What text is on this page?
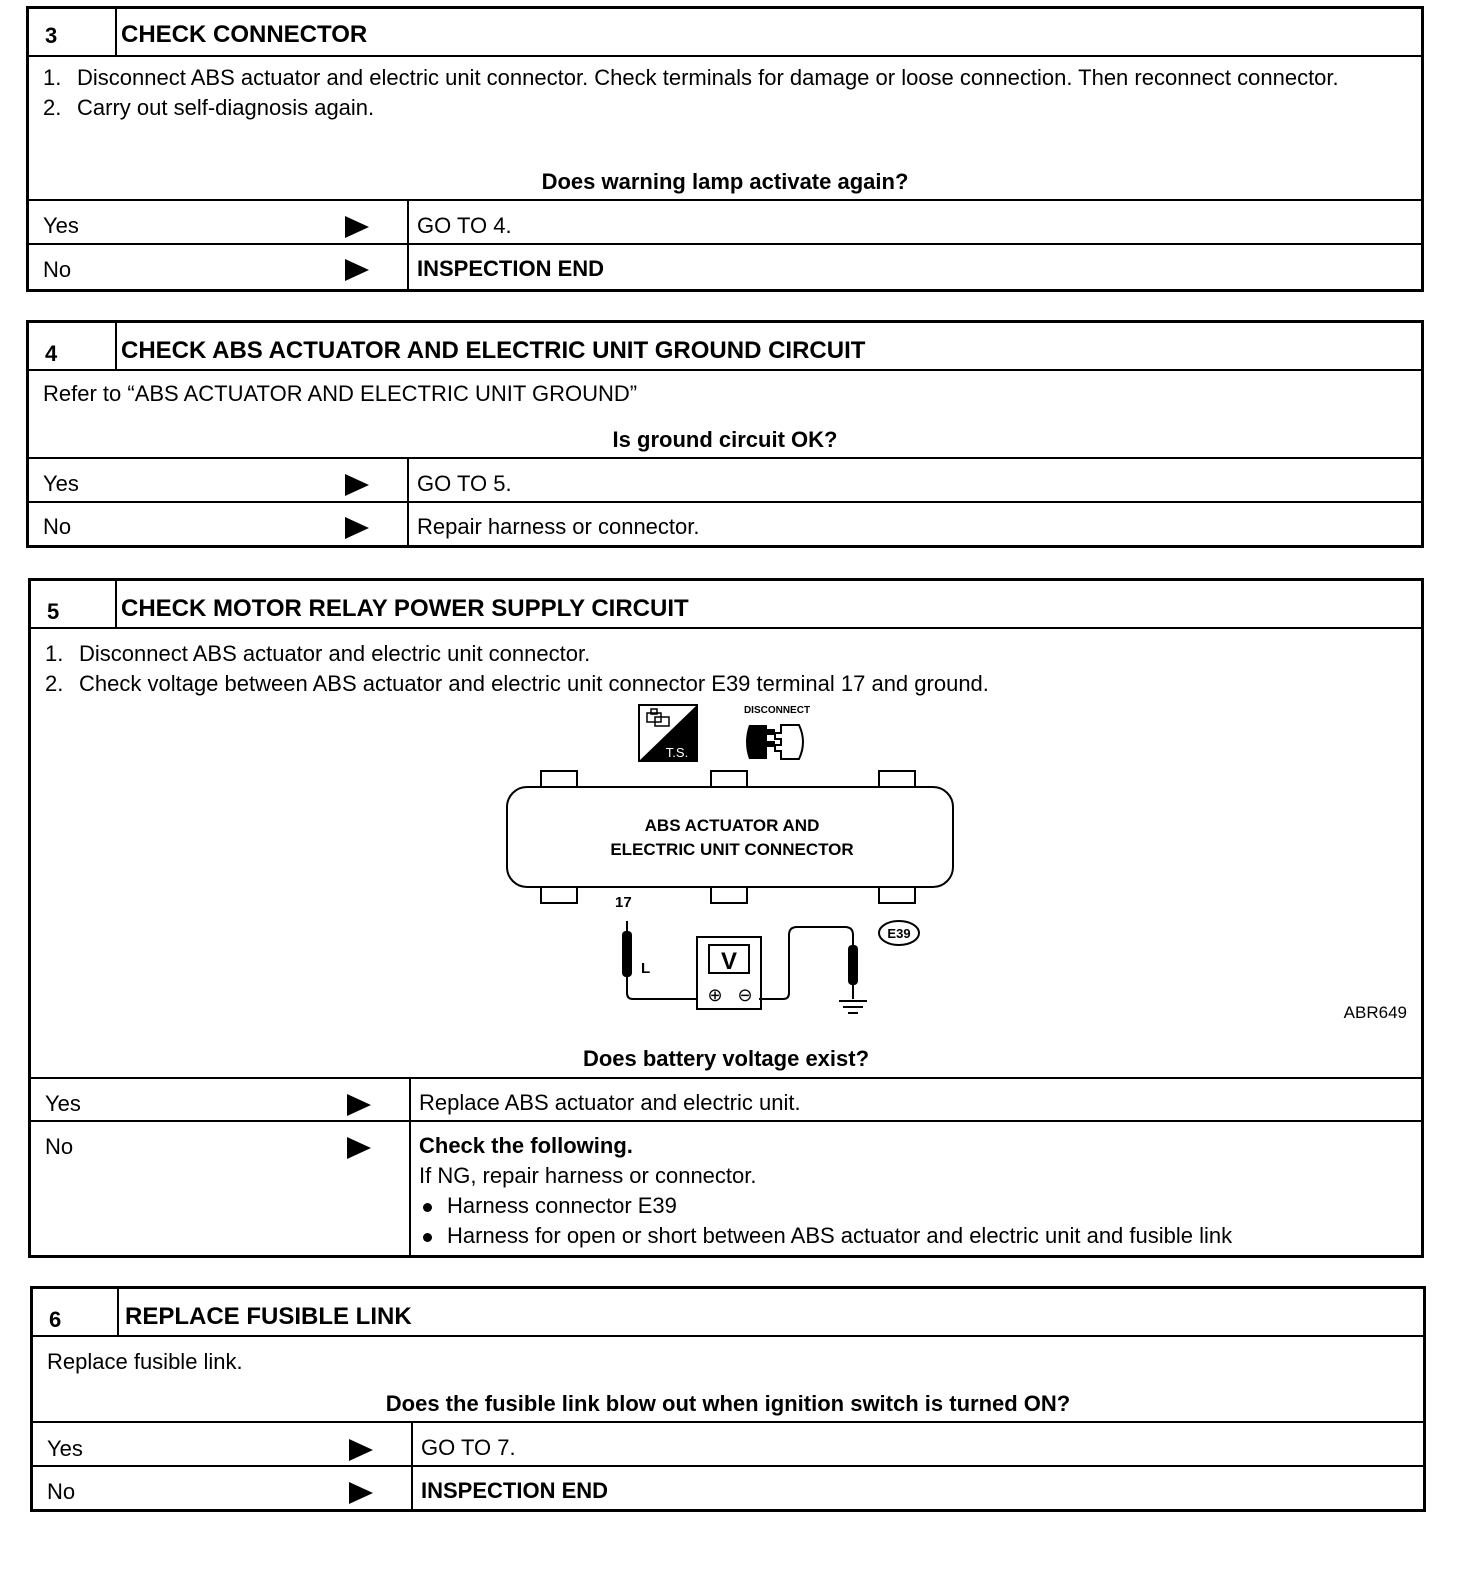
3	CHECK CONNECTOR
1. Disconnect ABS actuator and electric unit connector. Check terminals for damage or loose connection. Then reconnect connector.
2. Carry out self-diagnosis again.
Does warning lamp activate again?
Yes	GO TO 4.
No	INSPECTION END
4	CHECK ABS ACTUATOR AND ELECTRIC UNIT GROUND CIRCUIT
Refer to “ABS ACTUATOR AND ELECTRIC UNIT GROUND”
Is ground circuit OK?
Yes	GO TO 5.
No	Repair harness or connector.
5	CHECK MOTOR RELAY POWER SUPPLY CIRCUIT
1. Disconnect ABS actuator and electric unit connector.
2. Check voltage between ABS actuator and electric unit connector E39 terminal 17 and ground.
T.S.
DISCONNECT
ABS ACTUATOR AND
ELECTRIC UNIT CONNECTOR
17
E39
L	V
⊕ ⊖
ABR649
Does battery voltage exist?
Yes	Replace ABS actuator and electric unit.
No	Check the following.
If NG, repair harness or connector.
Harness connector E39
Harness for open or short between ABS actuator and electric unit and fusible link
6	REPLACE FUSIBLE LINK
Replace fusible link.
Does the fusible link blow out when ignition switch is turned ON?
Yes	GO TO 7.
No	INSPECTION END
